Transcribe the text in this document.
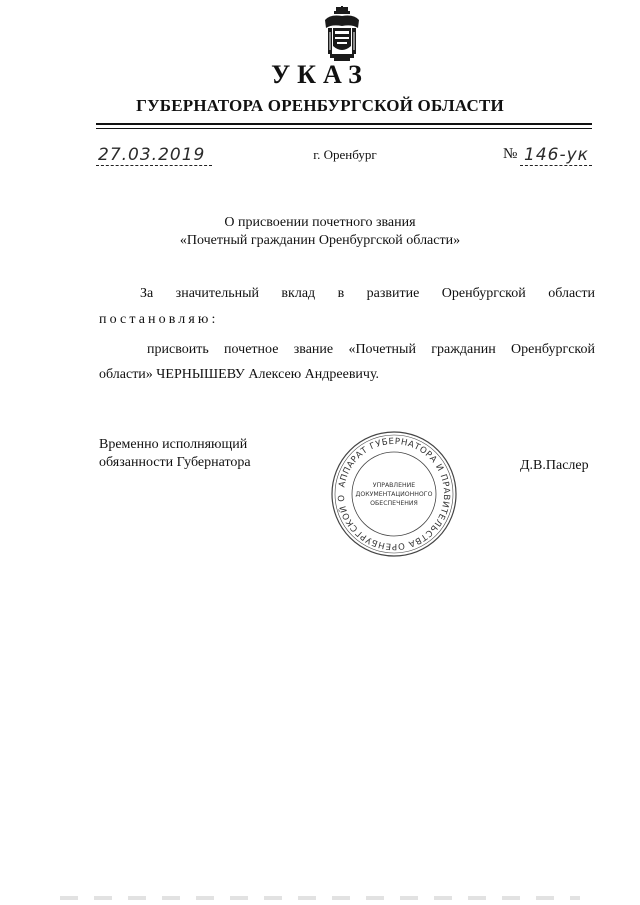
УКАЗ
ГУБЕРНАТОРА ОРЕНБУРГСКОЙ ОБЛАСТИ
27.03.2019	г. Оренбург	№ 146-ук
О присвоении почетного звания
«Почетный гражданин Оренбургской области»
За значительный вклад в развитие Оренбургской области
постановляю:
присвоить почетное звание «Почетный гражданин Оренбургской
области» ЧЕРНЫШЕВУ Алексею Андреевичу.
Временно исполняющий
обязанности Губернатора	Д.В.Паслер
АППАРАТ ГУБЕРНАТОРА И ПРАВИТЕЛЬСТВА ОРЕНБУРГСКОЙ О
УПРАВЛЕНИЕ
ДОКУМЕНТАЦИОННОГО
ОБЕСПЕЧЕНИЯ
